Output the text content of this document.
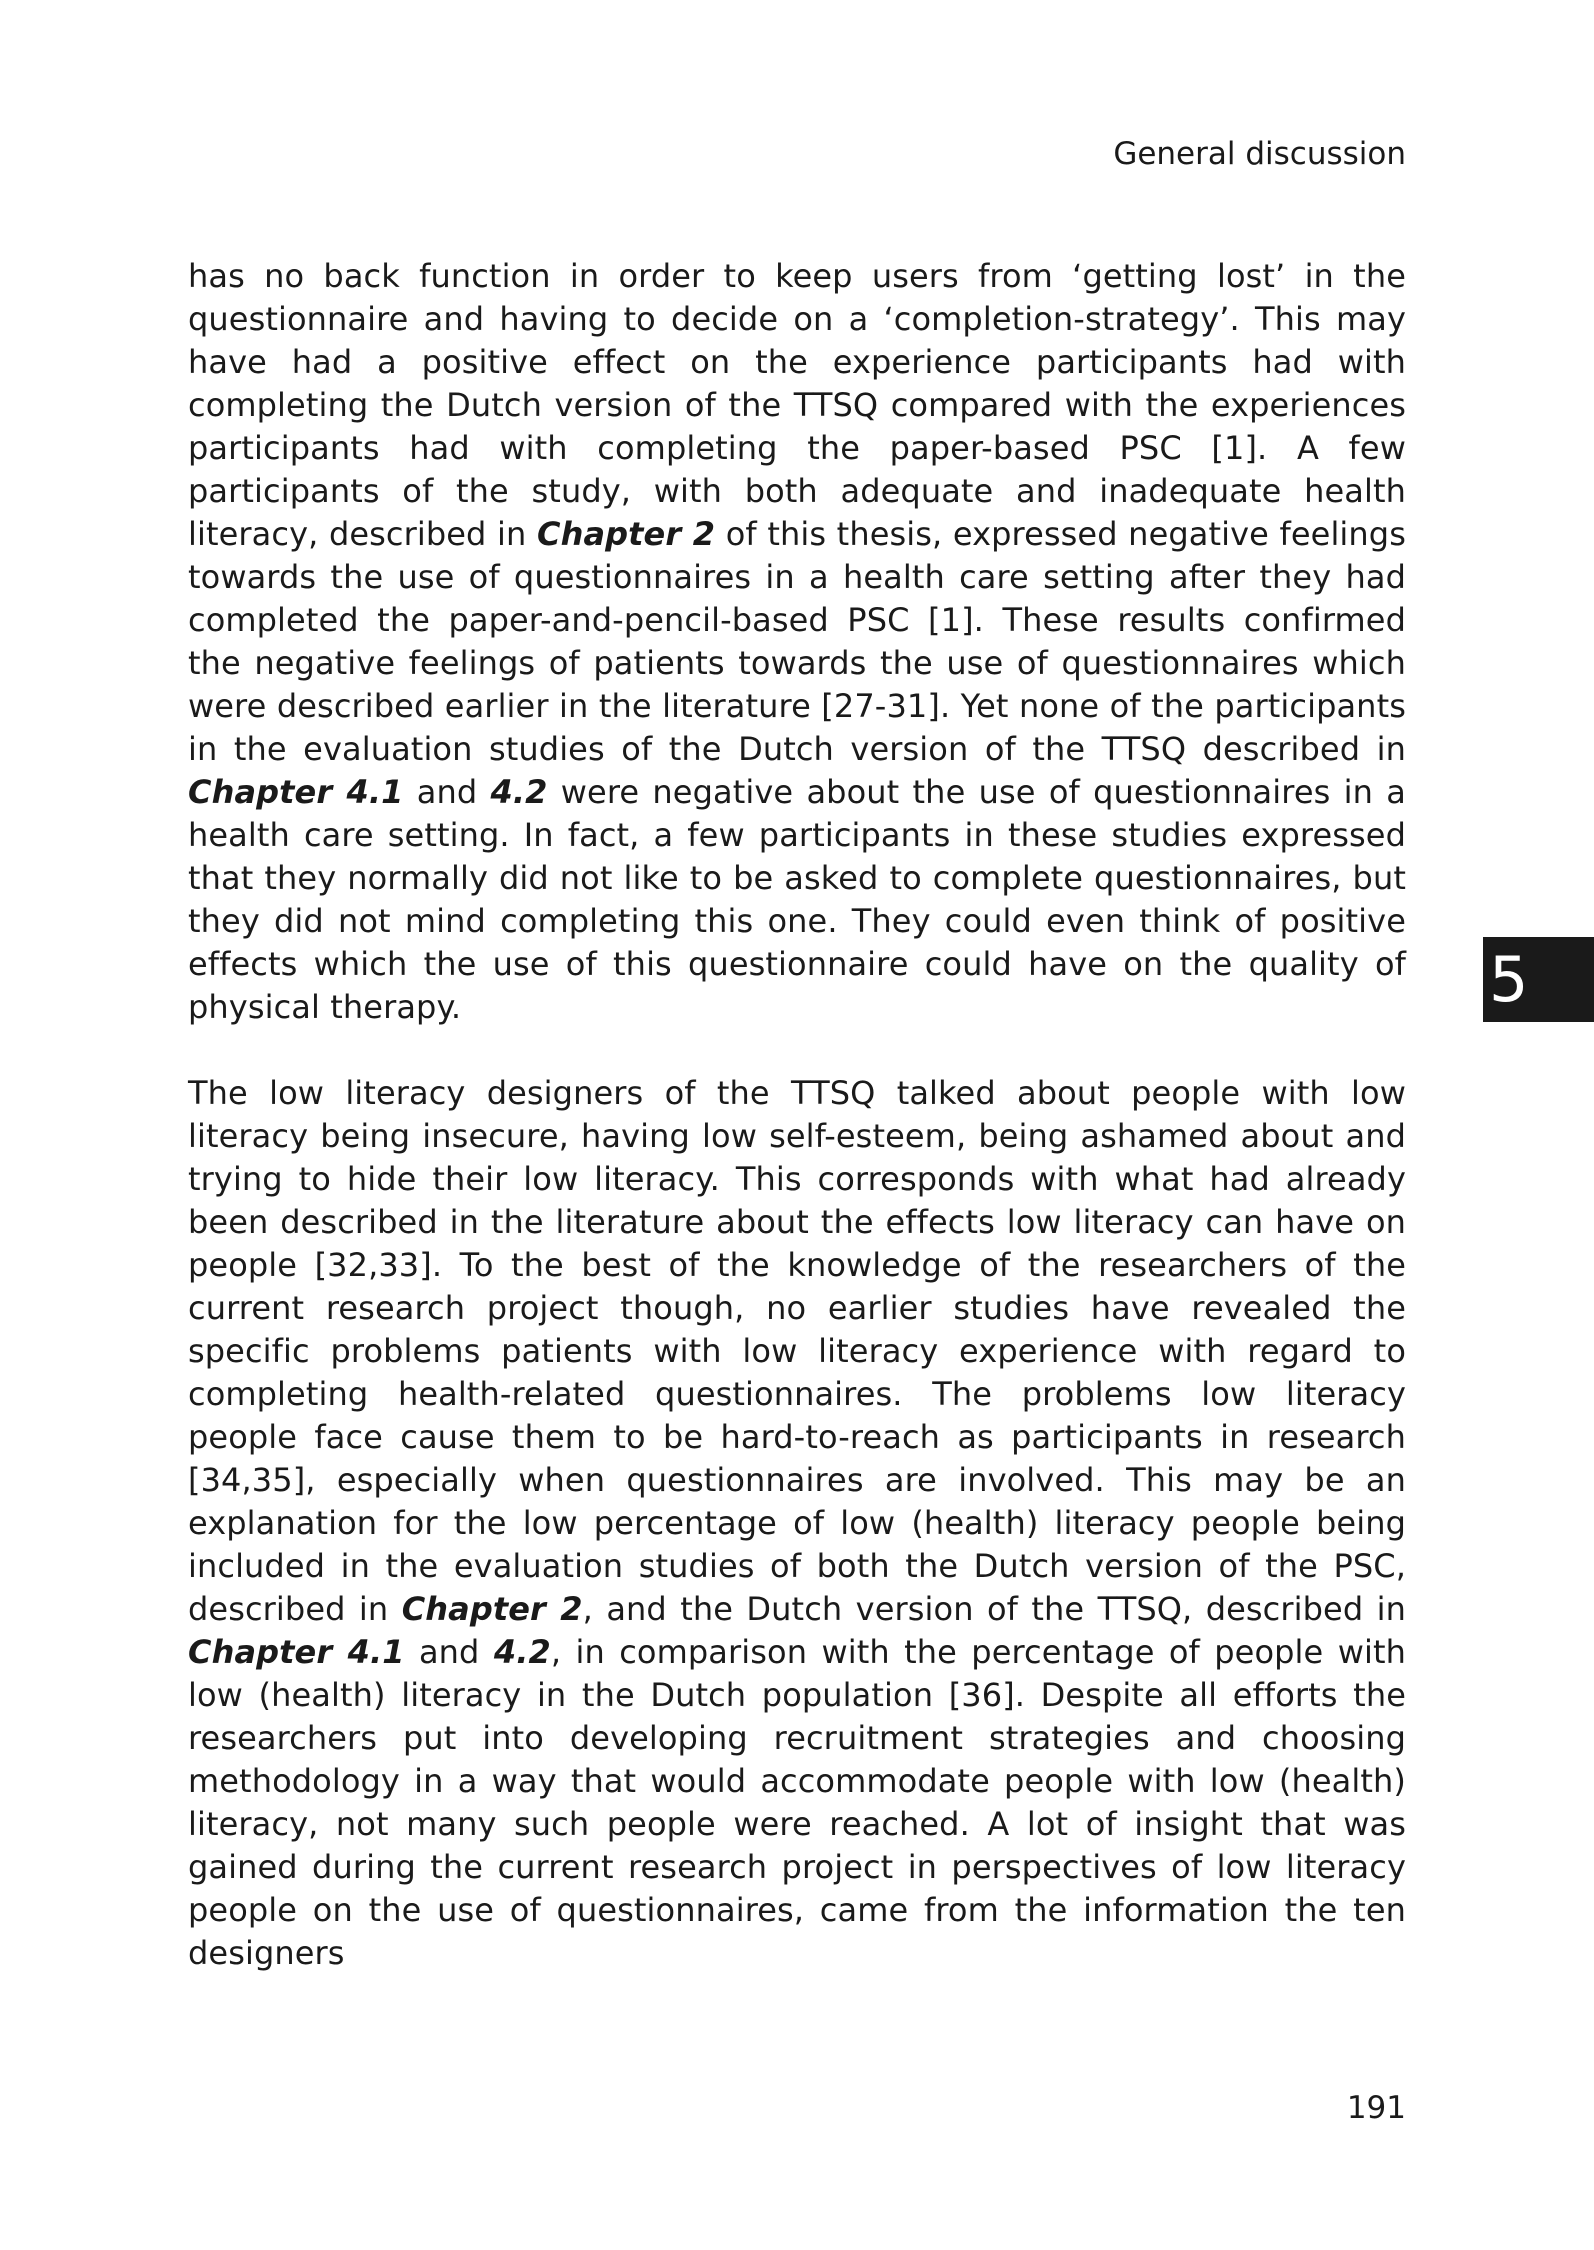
General discussion
5

has no back function in order to keep users from ‘getting lost’ in the questionnaire and having to decide on a ‘completion-strategy’. This may have had a positive effect on the experience participants had with completing the Dutch version of the TTSQ compared with the experiences participants had with completing the paper-based PSC [1]. A few participants of the study, with both adequate and inadequate health literacy, described in Chapter 2 of this thesis, expressed negative feelings towards the use of questionnaires in a health care setting after they had completed the paper-and-pencil-based PSC [1]. These results confirmed the negative feelings of patients towards the use of questionnaires which were described earlier in the literature [27-31]. Yet none of the participants in the evaluation studies of the Dutch version of the TTSQ described in Chapter 4.1 and 4.2 were negative about the use of questionnaires in a health care setting. In fact, a few participants in these studies expressed that they normally did not like to be asked to complete questionnaires, but they did not mind completing this one. They could even think of positive effects which the use of this questionnaire could have on the quality of physical therapy.

The low literacy designers of the TTSQ talked about people with low literacy being insecure, having low self-esteem, being ashamed about and trying to hide their low literacy. This corresponds with what had already been described in the literature about the effects low literacy can have on people [32,33]. To the best of the knowledge of the researchers of the current research project though, no earlier studies have revealed the specific problems patients with low literacy experience with regard to completing health-related questionnaires. The problems low literacy people face cause them to be hard-to-reach as participants in research [34,35], especially when questionnaires are involved. This may be an explanation for the low percentage of low (health) literacy people being included in the evaluation studies of both the Dutch version of the PSC, described in Chapter 2, and the Dutch version of the TTSQ, described in Chapter 4.1 and 4.2, in comparison with the percentage of people with low (health) literacy in the Dutch population [36]. Despite all efforts the researchers put into developing recruitment strategies and choosing methodology in a way that would accommodate people with low (health) literacy, not many such people were reached. A lot of insight that was gained during the current research project in perspectives of low literacy people on the use of questionnaires, came from the information the ten designers

191
